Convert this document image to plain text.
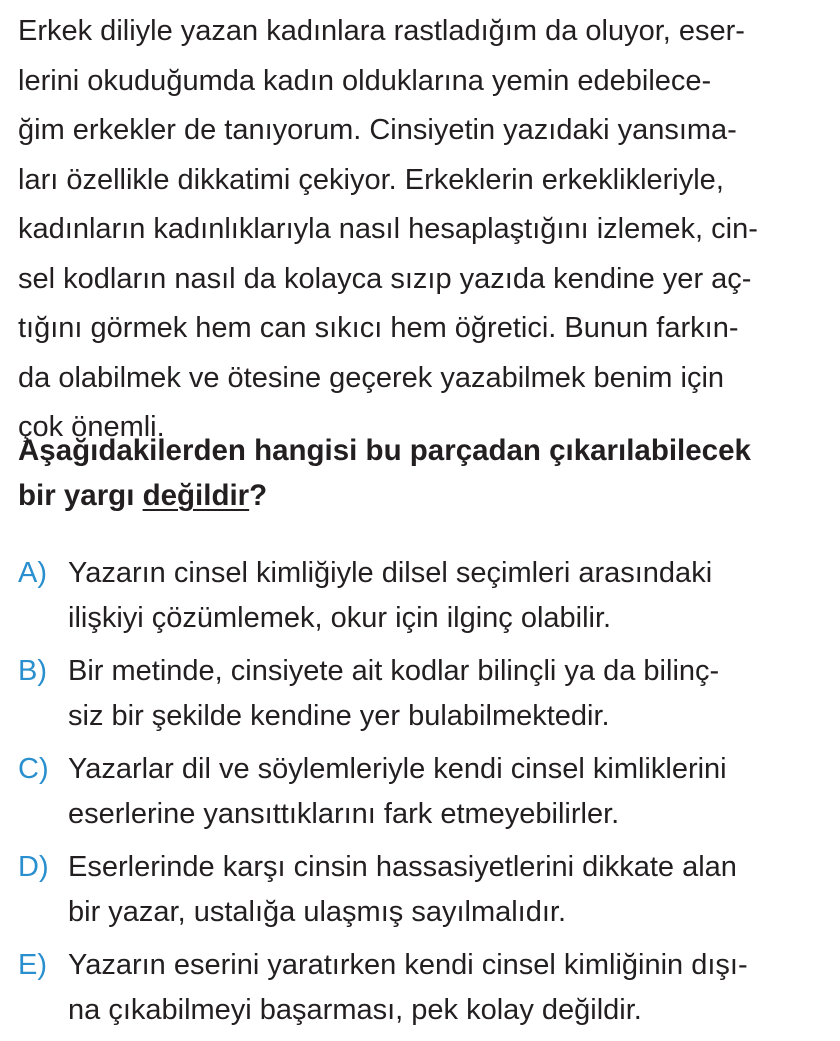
Erkek diliyle yazan kadınlara rastladığım da oluyor, eser-
lerini okuduğumda kadın olduklarına yemin edebilece-
ğim erkekler de tanıyorum. Cinsiyetin yazıdaki yansıma-
ları özellikle dikkatimi çekiyor. Erkeklerin erkeklikleriyle,
kadınların kadınlıklarıyla nasıl hesaplaştığını izlemek, cin-
sel kodların nasıl da kolayca sızıp yazıda kendine yer aç-
tığını görmek hem can sıkıcı hem öğretici. Bunun farkın-
da olabilmek ve ötesine geçerek yazabilmek benim için
çok önemli.
Aşağıdakilerden hangisi bu parçadan çıkarılabilecek
bir yargı değildir?
A) Yazarın cinsel kimliğiyle dilsel seçimleri arasındaki
ilişkiyi çözümlemek, okur için ilginç olabilir.
B) Bir metinde, cinsiyete ait kodlar bilinçli ya da bilinç-
siz bir şekilde kendine yer bulabilmektedir.
C) Yazarlar dil ve söylemleriyle kendi cinsel kimliklerini
eserlerine yansıttıklarını fark etmeyebilirler.
D) Eserlerinde karşı cinsin hassasiyetlerini dikkate alan
bir yazar, ustalığa ulaşmış sayılmalıdır.
E) Yazarın eserini yaratırken kendi cinsel kimliğinin dışı-
na çıkabilmeyi başarması, pek kolay değildir.
